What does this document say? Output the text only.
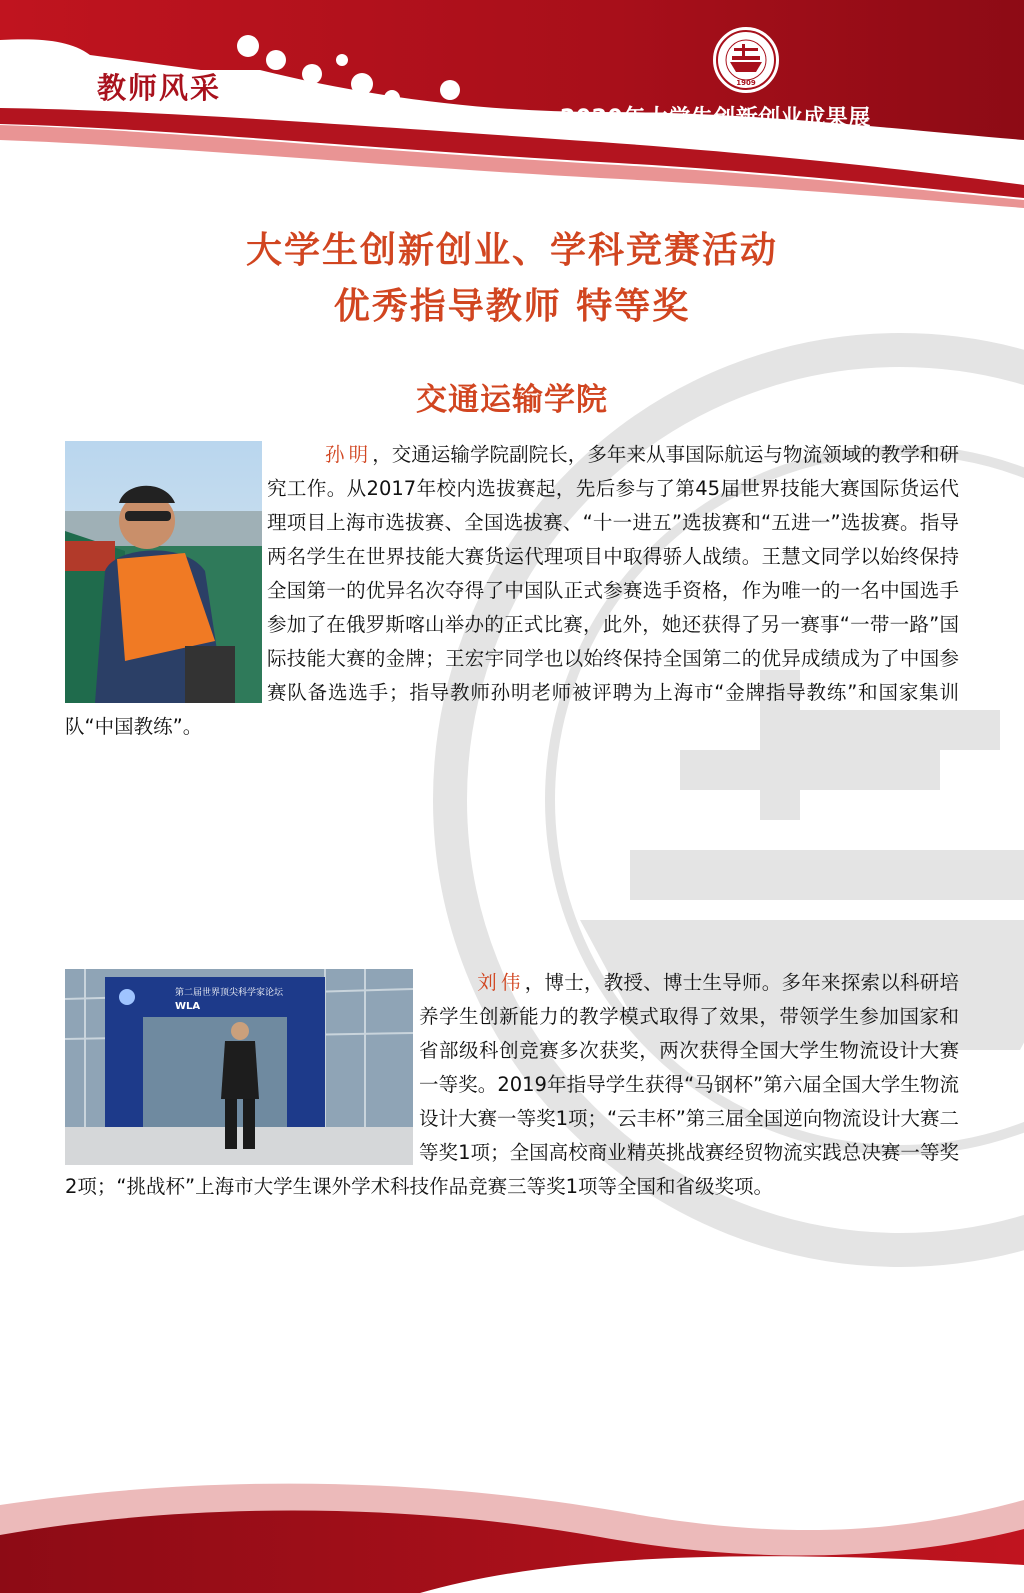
教师风采	1909
2020年大学生创新创业成果展
大学生创新创业、学科竞赛活动
优秀指导教师 特等奖
交通运输学院
孙明，交通运输学院副院长，多年来从事国际航运与物流领域的教学和研究工作。从2017年校内选拔赛起，先后参与了第45届世界技能大赛国际货运代理项目上海市选拔赛、全国选拔赛、“十一进五”选拔赛和“五进一”选拔赛。指导两名学生在世界技能大赛货运代理项目中取得骄人战绩。王慧文同学以始终保持全国第一的优异名次夺得了中国队正式参赛选手资格，作为唯一的一名中国选手参加了在俄罗斯喀山举办的正式比赛，此外，她还获得了另一赛事“一带一路”国际技能大赛的金牌；王宏宇同学也以始终保持全国第二的优异成绩成为了中国参赛队备选选手；指导教师孙明老师被评聘为上海市“金牌指导教练”和国家集训队“中国教练”。
第二届世界顶尖科学家论坛
WLA
刘伟，博士，教授、博士生导师。多年来探索以科研培养学生创新能力的教学模式取得了效果，带领学生参加国家和省部级科创竞赛多次获奖，两次获得全国大学生物流设计大赛一等奖。2019年指导学生获得“马钢杯”第六届全国大学生物流设计大赛一等奖1项；“云丰杯”第三届全国逆向物流设计大赛二等奖1项；全国高校商业精英挑战赛经贸物流实践总决赛一等奖2项；“挑战杯”上海市大学生课外学术科技作品竞赛三等奖1项等全国和省级奖项。
